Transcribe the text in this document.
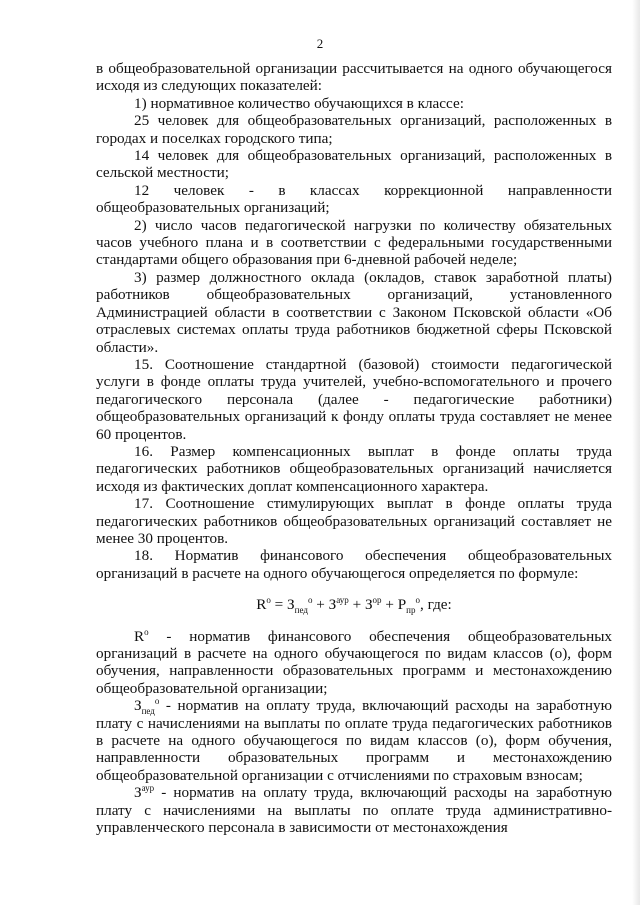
2

в общеобразовательной организации рассчитывается на одного обучающегося исходя из следующих показателей:

1) нормативное количество обучающихся в классе:

25 человек для общеобразовательных организаций, расположенных в городах и поселках городского типа;

14 человек для общеобразовательных организаций, расположенных в сельской местности;

12 человек - в классах коррекционной направленности общеобразовательных организаций;

2) число часов педагогической нагрузки по количеству обязательных часов учебного плана и в соответствии с федеральными государственными стандартами общего образования при 6-дневной рабочей неделе;

3) размер должностного оклада (окладов, ставок заработной платы) работников общеобразовательных организаций, установленного Администрацией области в соответствии с Законом Псковской области «Об отраслевых системах оплаты труда работников бюджетной сферы Псковской области».

15. Соотношение стандартной (базовой) стоимости педагогической услуги в фонде оплаты труда учителей, учебно-вспомогательного и прочего педагогического персонала (далее - педагогические работники) общеобразовательных организаций к фонду оплаты труда составляет не менее 60 процентов.

16. Размер компенсационных выплат в фонде оплаты труда педагогических работников общеобразовательных организаций начисляется исходя из фактических доплат компенсационного характера.

17. Соотношение стимулирующих выплат в фонде оплаты труда педагогических работников общеобразовательных организаций составляет не менее 30 процентов.

18. Норматив финансового обеспечения общеобразовательных организаций в расчете на одного обучающегося определяется по формуле:

$R^о = З_{пед}^о + З^{аур} + З^{ор} + Р_{пр}^о$, где:

$R^о$ - норматив финансового обеспечения общеобразовательных организаций в расчете на одного обучающегося по видам классов (о), форм обучения, направленности образовательных программ и местонахождению общеобразовательной организации;

$З_{пед}^о$ - норматив на оплату труда, включающий расходы на заработную плату с начислениями на выплаты по оплате труда педагогических работников в расчете на одного обучающегося по видам классов (о), форм обучения, направленности образовательных программ и местонахождению общеобразовательной организации с отчислениями по страховым взносам;

$З^{аур}$ - норматив на оплату труда, включающий расходы на заработную плату с начислениями на выплаты по оплате труда административно-управленческого персонала в зависимости от местонахождения
